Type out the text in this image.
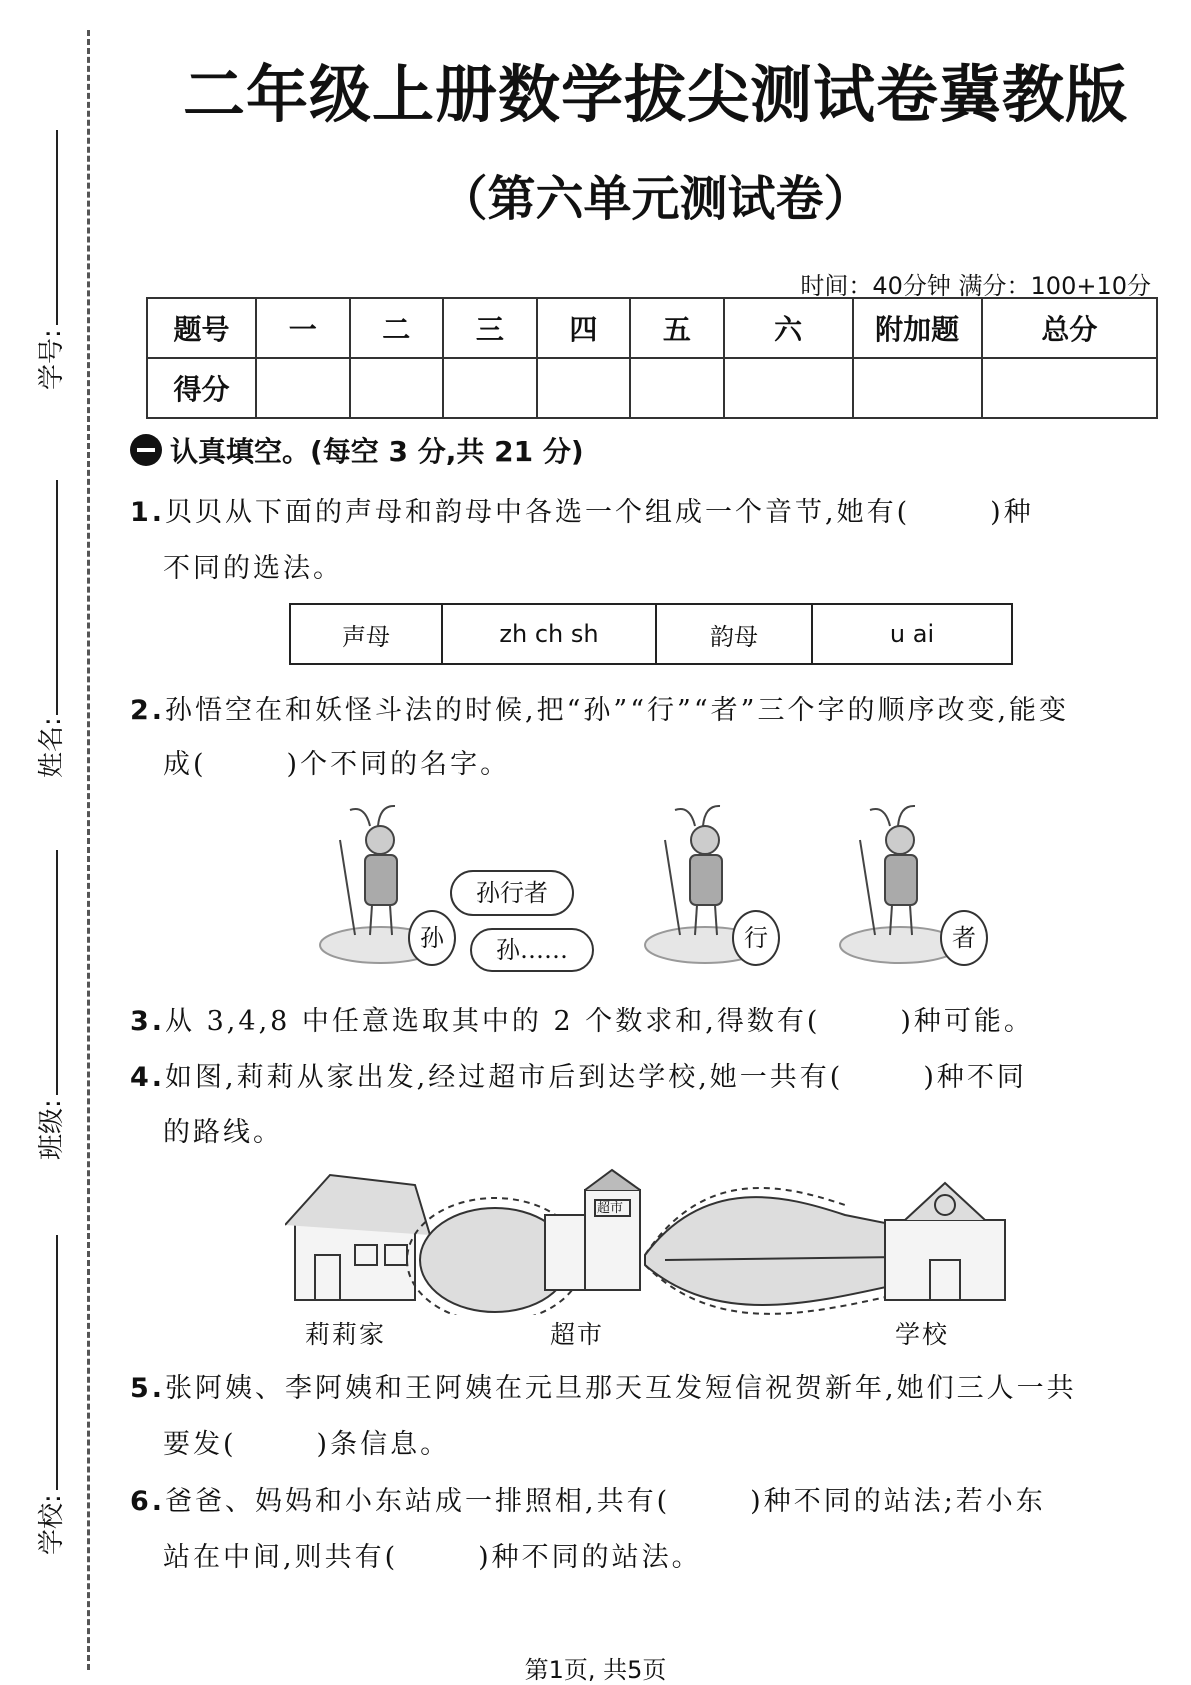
学号:
姓名:
班级:
学校:
二年级上册数学拔尖测试卷冀教版
（第六单元测试卷）
时间：40分钟 满分：100+10分
题号	一	二	三	四	五	六	附加题	总分
得分								
认真填空。(每空 3 分,共 21 分)
1.贝贝从下面的声母和韵母中各选一个组成一个音节,她有(	)种
不同的选法。
声母	zh ch sh	韵母	u ai
2.孙悟空在和妖怪斗法的时候,把“孙”“行”“者”三个字的顺序改变,能变
成(	)个不同的名字。
孙行者
孙……
孙	行	者
3.从 3,4,8 中任意选取其中的 2 个数求和,得数有(	)种可能。
4.如图,莉莉从家出发,经过超市后到达学校,她一共有(	)种不同
的路线。
超市
莉莉家	超市	学校
5.张阿姨、李阿姨和王阿姨在元旦那天互发短信祝贺新年,她们三人一共
要发(	)条信息。
6.爸爸、妈妈和小东站成一排照相,共有(	)种不同的站法;若小东
站在中间,则共有(	)种不同的站法。
第1页, 共5页
